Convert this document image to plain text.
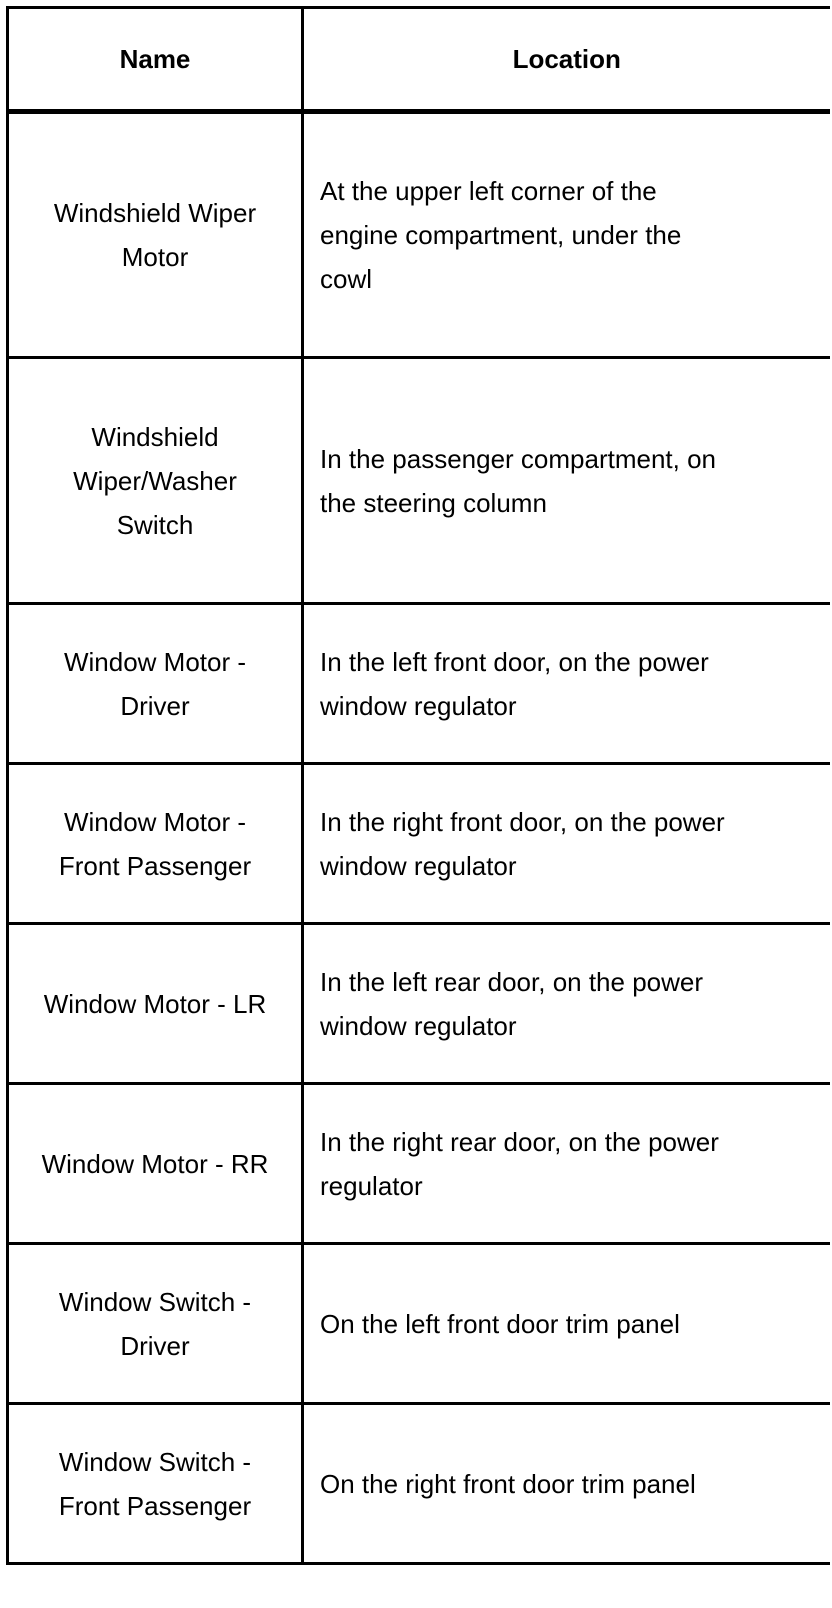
Name	Location

Windshield Wiper
Motor	At the upper left corner of the
engine compartment, under the
cowl

Windshield
Wiper/Washer
Switch	In the passenger compartment, on
the steering column

Window Motor -
Driver	In the left front door, on the power
window regulator

Window Motor -
Front Passenger	In the right front door, on the power
window regulator

Window Motor - LR	In the left rear door, on the power
window regulator

Window Motor - RR	In the right rear door, on the power
regulator

Window Switch -
Driver	On the left front door trim panel

Window Switch -
Front Passenger	On the right front door trim panel
